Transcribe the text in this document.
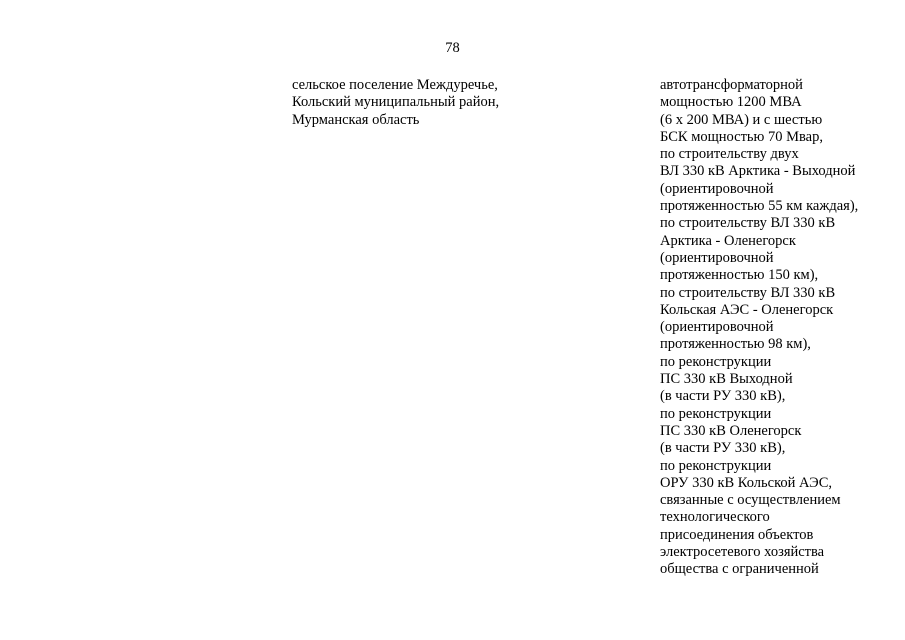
78
сельское поселение Междуречье,
Кольский муниципальный район,
Мурманская область
автотрансформаторной
мощностью 1200 МВА
(6 х 200 МВА) и с шестью
БСК мощностью 70 Мвар,
по строительству двух
ВЛ 330 кВ Арктика - Выходной
(ориентировочной
протяженностью 55 км каждая),
по строительству ВЛ 330 кВ
Арктика - Оленегорск
(ориентировочной
протяженностью 150 км),
по строительству ВЛ 330 кВ
Кольская АЭС - Оленегорск
(ориентировочной
протяженностью 98 км),
по реконструкции
ПС 330 кВ Выходной
(в части РУ 330 кВ),
по реконструкции
ПС 330 кВ Оленегорск
(в части РУ 330 кВ),
по реконструкции
ОРУ 330 кВ Кольской АЭС,
связанные с осуществлением
технологического
присоединения объектов
электросетевого хозяйства
общества с ограниченной
